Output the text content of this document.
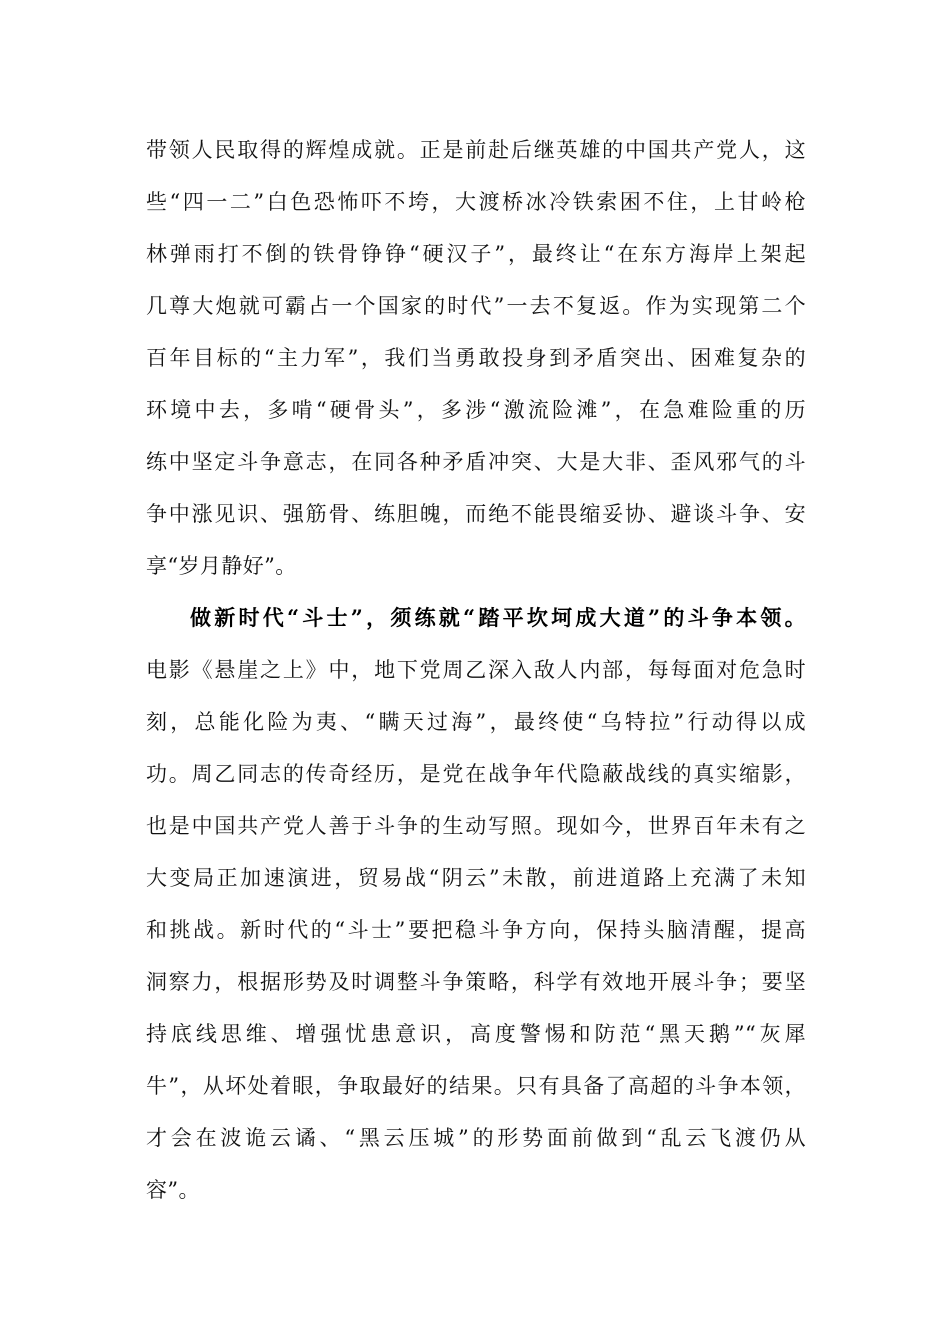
带领人民取得的辉煌成就。正是前赴后继英雄的中国共产党人，这
些“四一二”白色恐怖吓不垮，大渡桥冰冷铁索困不住，上甘岭枪
林弹雨打不倒的铁骨铮铮“硬汉子”，最终让“在东方海岸上架起
几尊大炮就可霸占一个国家的时代”一去不复返。作为实现第二个
百年目标的“主力军”，我们当勇敢投身到矛盾突出、困难复杂的
环境中去，多啃“硬骨头”，多涉“激流险滩”，在急难险重的历
练中坚定斗争意志，在同各种矛盾冲突、大是大非、歪风邪气的斗
争中涨见识、强筋骨、练胆魄，而绝不能畏缩妥协、避谈斗争、安
享“岁月静好”。
做新时代“斗士”，须练就“踏平坎坷成大道”的斗争本领。
电影《悬崖之上》中，地下党周乙深入敌人内部，每每面对危急时
刻，总能化险为夷、“瞒天过海”，最终使“乌特拉”行动得以成
功。周乙同志的传奇经历，是党在战争年代隐蔽战线的真实缩影，
也是中国共产党人善于斗争的生动写照。现如今，世界百年未有之
大变局正加速演进，贸易战“阴云”未散，前进道路上充满了未知
和挑战。新时代的“斗士”要把稳斗争方向，保持头脑清醒，提高
洞察力，根据形势及时调整斗争策略，科学有效地开展斗争；要坚
持底线思维、增强忧患意识，高度警惕和防范“黑天鹅”“灰犀
牛”，从坏处着眼，争取最好的结果。只有具备了高超的斗争本领，
才会在波诡云谲、“黑云压城”的形势面前做到“乱云飞渡仍从
容”。
